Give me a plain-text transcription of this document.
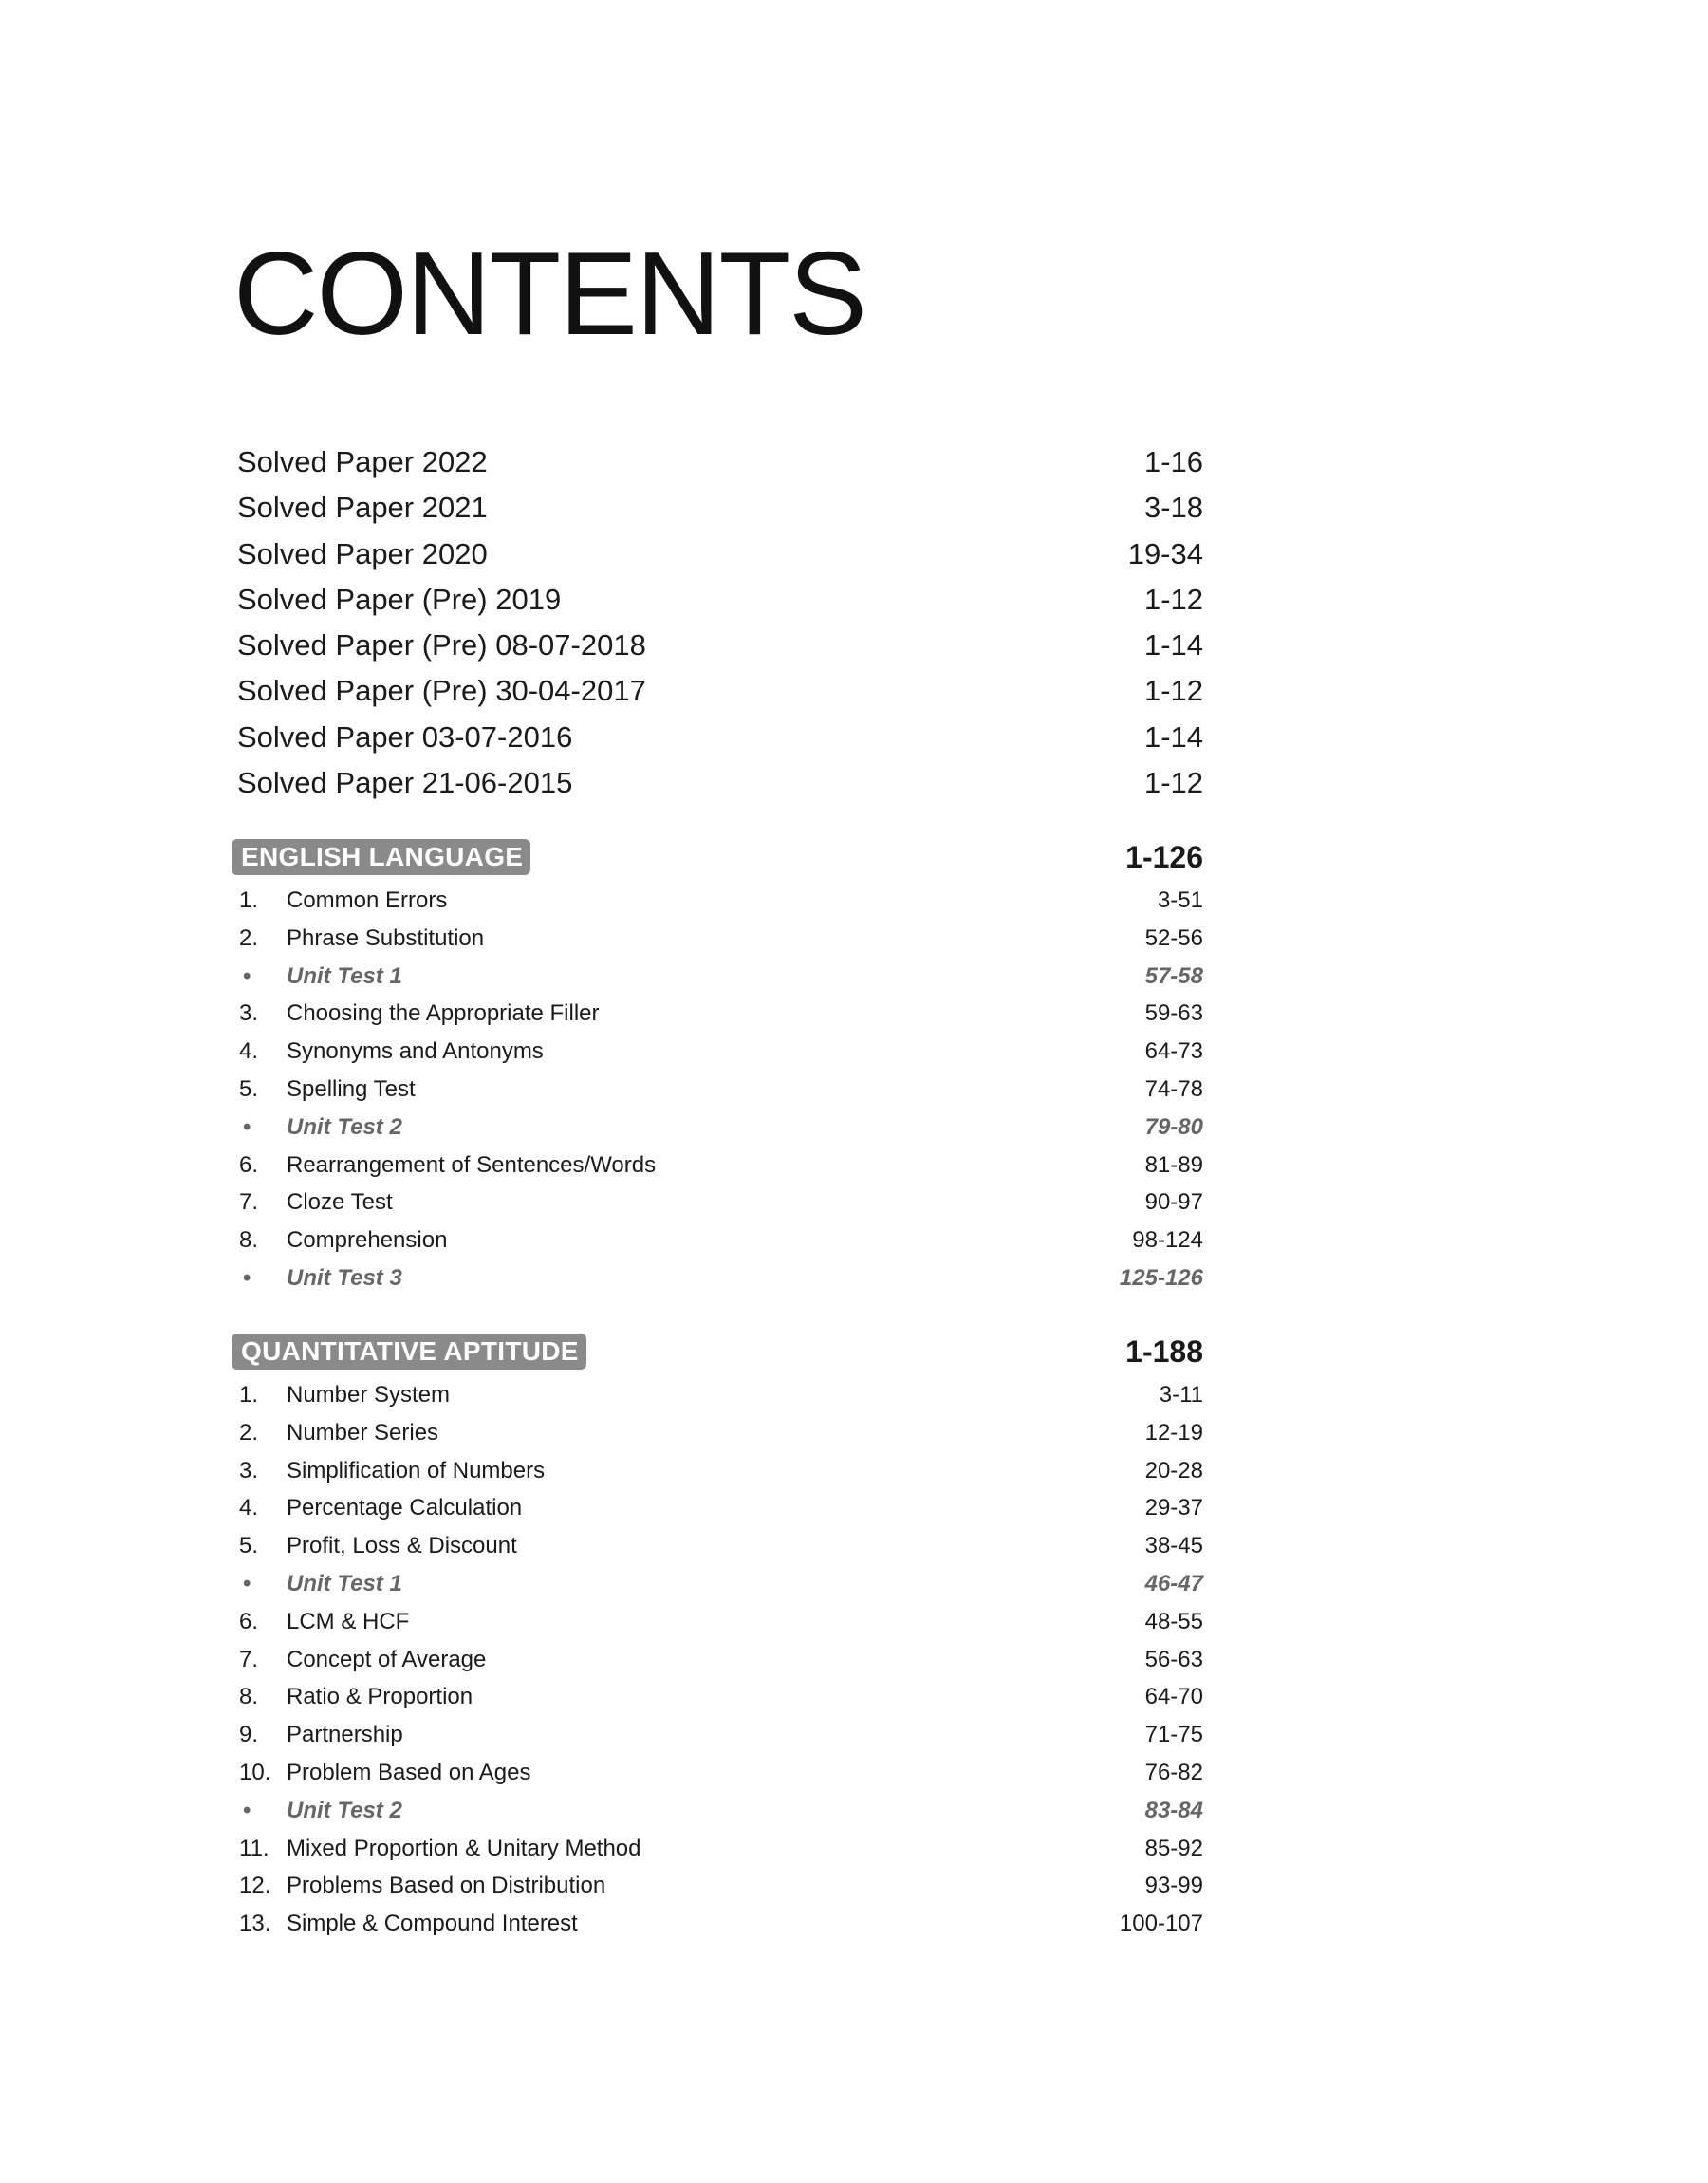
CONTENTS
Solved Paper 2022	1-16
Solved Paper 2021	3-18
Solved Paper 2020	19-34
Solved Paper (Pre) 2019	1-12
Solved Paper (Pre) 08-07-2018	1-14
Solved Paper (Pre) 30-04-2017	1-12
Solved Paper 03-07-2016	1-14
Solved Paper 21-06-2015	1-12
ENGLISH LANGUAGE	1-126
1. Common Errors	3-51
2. Phrase Substitution	52-56
• Unit Test 1	57-58
3. Choosing the Appropriate Filler	59-63
4. Synonyms and Antonyms	64-73
5. Spelling Test	74-78
• Unit Test 2	79-80
6. Rearrangement of Sentences/Words	81-89
7. Cloze Test	90-97
8. Comprehension	98-124
• Unit Test 3	125-126
QUANTITATIVE APTITUDE	1-188
1. Number System	3-11
2. Number Series	12-19
3. Simplification of Numbers	20-28
4. Percentage Calculation	29-37
5. Profit, Loss & Discount	38-45
• Unit Test 1	46-47
6. LCM & HCF	48-55
7. Concept of Average	56-63
8. Ratio & Proportion	64-70
9. Partnership	71-75
10. Problem Based on Ages	76-82
• Unit Test 2	83-84
11. Mixed Proportion & Unitary Method	85-92
12. Problems Based on Distribution	93-99
13. Simple & Compound Interest	100-107
